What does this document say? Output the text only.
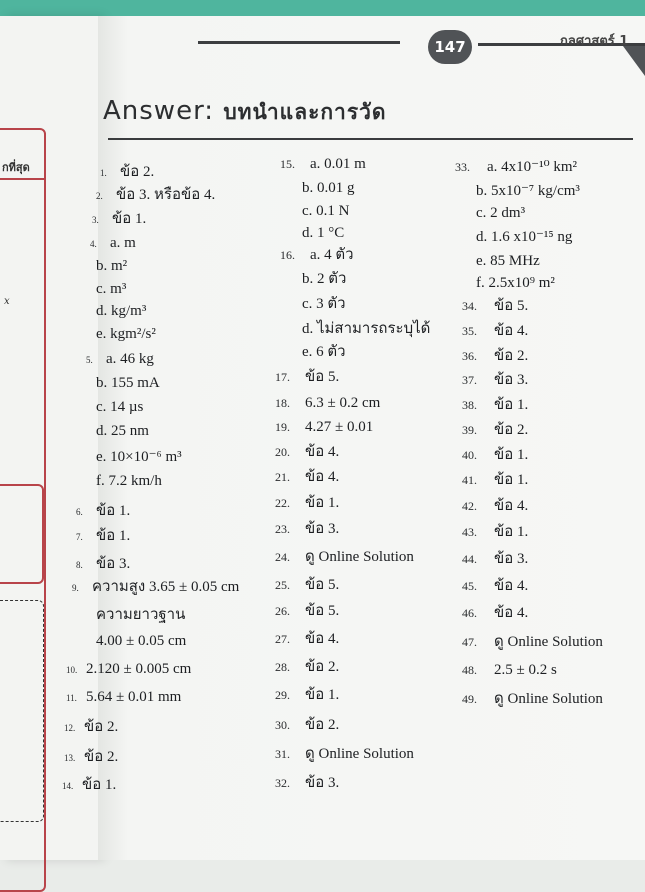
กที่สุด
x
147	กลศาสตร์ 1
Answer: บทนำและการวัด
1. ข้อ 2.
2. ข้อ 3. หรือข้อ 4.
3. ข้อ 1.
4. a. m
b. m²
c. m³
d. kg/m³
e. kgm²/s²
5. a. 46 kg
b. 155 mA
c. 14 µs
d. 25 nm
e. 10×10⁻⁶ m³
f. 7.2 km/h
6. ข้อ 1.
7. ข้อ 1.
8. ข้อ 3.
9. ความสูง 3.65 ± 0.05 cm
ความยาวฐาน
4.00 ± 0.05 cm
10. 2.120 ± 0.005 cm
11. 5.64 ± 0.01 mm
12. ข้อ 2.
13. ข้อ 2.
14. ข้อ 1.
15. a. 0.01 m
b. 0.01 g
c. 0.1 N
d. 1 °C
16. a. 4 ตัว
b. 2 ตัว
c. 3 ตัว
d. ไม่สามารถระบุได้
e. 6 ตัว
17. ข้อ 5.
18. 6.3 ± 0.2 cm
19. 4.27 ± 0.01
20. ข้อ 4.
21. ข้อ 4.
22. ข้อ 1.
23. ข้อ 3.
24. ดู Online Solution
25. ข้อ 5.
26. ข้อ 5.
27. ข้อ 4.
28. ข้อ 2.
29. ข้อ 1.
30. ข้อ 2.
31. ดู Online Solution
32. ข้อ 3.
33. a. 4x10⁻¹⁰ km²
b. 5x10⁻⁷ kg/cm³
c. 2 dm³
d. 1.6 x10⁻¹⁵ ng
e. 85 MHz
f. 2.5x10⁹ m²
34. ข้อ 5.
35. ข้อ 4.
36. ข้อ 2.
37. ข้อ 3.
38. ข้อ 1.
39. ข้อ 2.
40. ข้อ 1.
41. ข้อ 1.
42. ข้อ 4.
43. ข้อ 1.
44. ข้อ 3.
45. ข้อ 4.
46. ข้อ 4.
47. ดู Online Solution
48. 2.5 ± 0.2 s
49. ดู Online Solution
